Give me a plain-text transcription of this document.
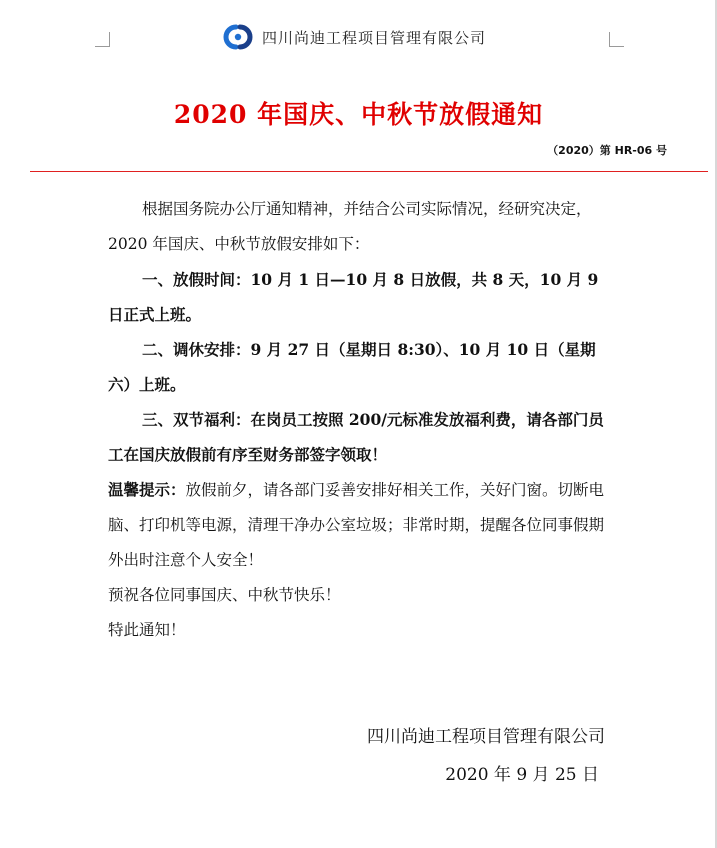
四川尚迪工程项目管理有限公司
2020 年国庆、中秋节放假通知
（2020）第 HR-06 号

根据国务院办公厅通知精神，并结合公司实际情况，经研究决定，2020 年国庆、中秋节放假安排如下：

一、放假时间：10 月 1 日—10 月 8 日放假，共 8 天，10 月 9 日正式上班。

二、调休安排：9 月 27 日（星期日 8:30）、10 月 10 日（星期六）上班。

三、双节福利：在岗员工按照 200/元标准发放福利费，请各部门员工在国庆放假前有序至财务部签字领取！

温馨提示：放假前夕，请各部门妥善安排好相关工作，关好门窗。切断电脑、打印机等电源，清理干净办公室垃圾；非常时期，提醒各位同事假期外出时注意个人安全！

预祝各位同事国庆、中秋节快乐！

特此通知！

四川尚迪工程项目管理有限公司
2020 年 9 月 25 日
